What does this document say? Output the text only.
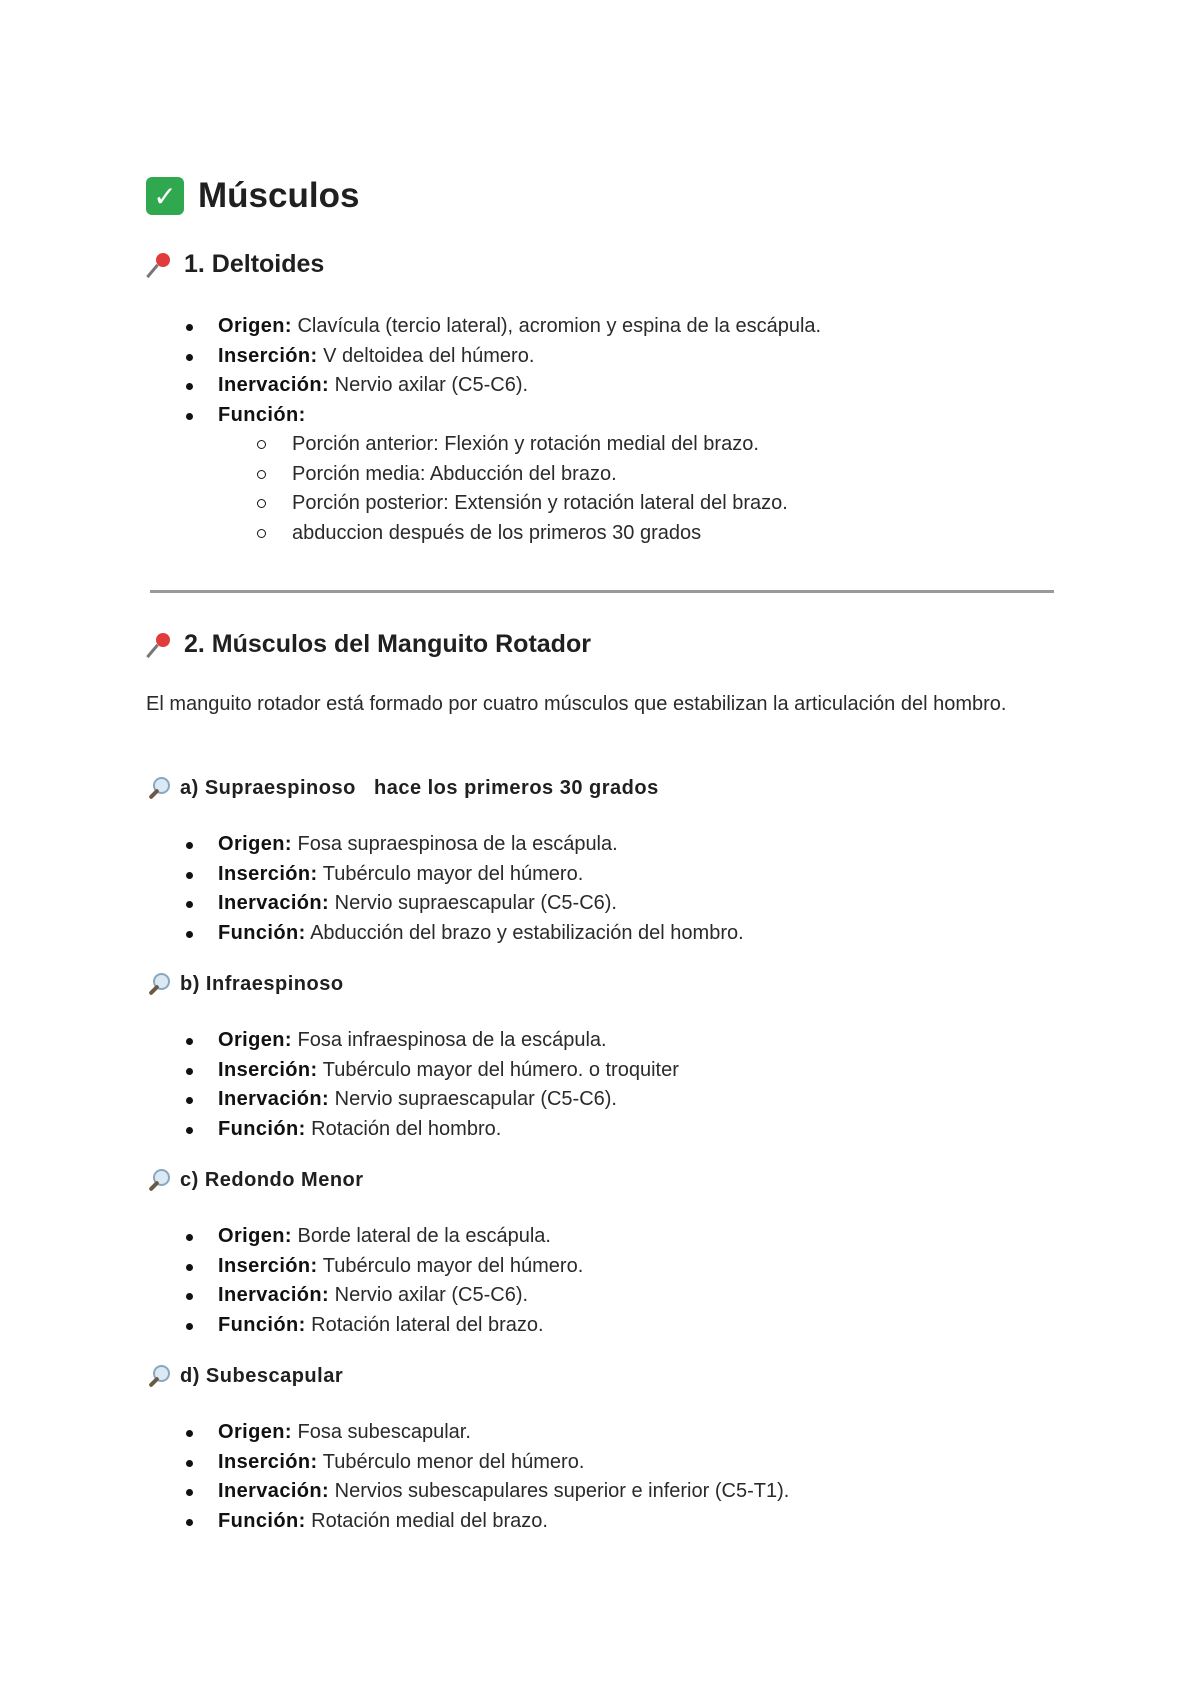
✓ Músculos
1. Deltoides
Origen: Clavícula (tercio lateral), acromion y espina de la escápula.
Inserción: V deltoidea del húmero.
Inervación: Nervio axilar (C5-C6).
Función:
Porción anterior: Flexión y rotación medial del brazo.
Porción media: Abducción del brazo.
Porción posterior: Extensión y rotación lateral del brazo.
abduccion después de los primeros 30 grados
2. Músculos del Manguito Rotador
El manguito rotador está formado por cuatro músculos que estabilizan la articulación del hombro.
a) Supraespinoso   hace los primeros 30 grados
Origen: Fosa supraespinosa de la escápula.
Inserción: Tubérculo mayor del húmero.
Inervación: Nervio supraescapular (C5-C6).
Función: Abducción del brazo y estabilización del hombro.
b) Infraespinoso
Origen: Fosa infraespinosa de la escápula.
Inserción: Tubérculo mayor del húmero. o troquiter
Inervación: Nervio supraescapular (C5-C6).
Función: Rotación del hombro.
c) Redondo Menor
Origen: Borde lateral de la escápula.
Inserción: Tubérculo mayor del húmero.
Inervación: Nervio axilar (C5-C6).
Función: Rotación lateral del brazo.
d) Subescapular
Origen: Fosa subescapular.
Inserción: Tubérculo menor del húmero.
Inervación: Nervios subescapulares superior e inferior (C5-T1).
Función: Rotación medial del brazo.
